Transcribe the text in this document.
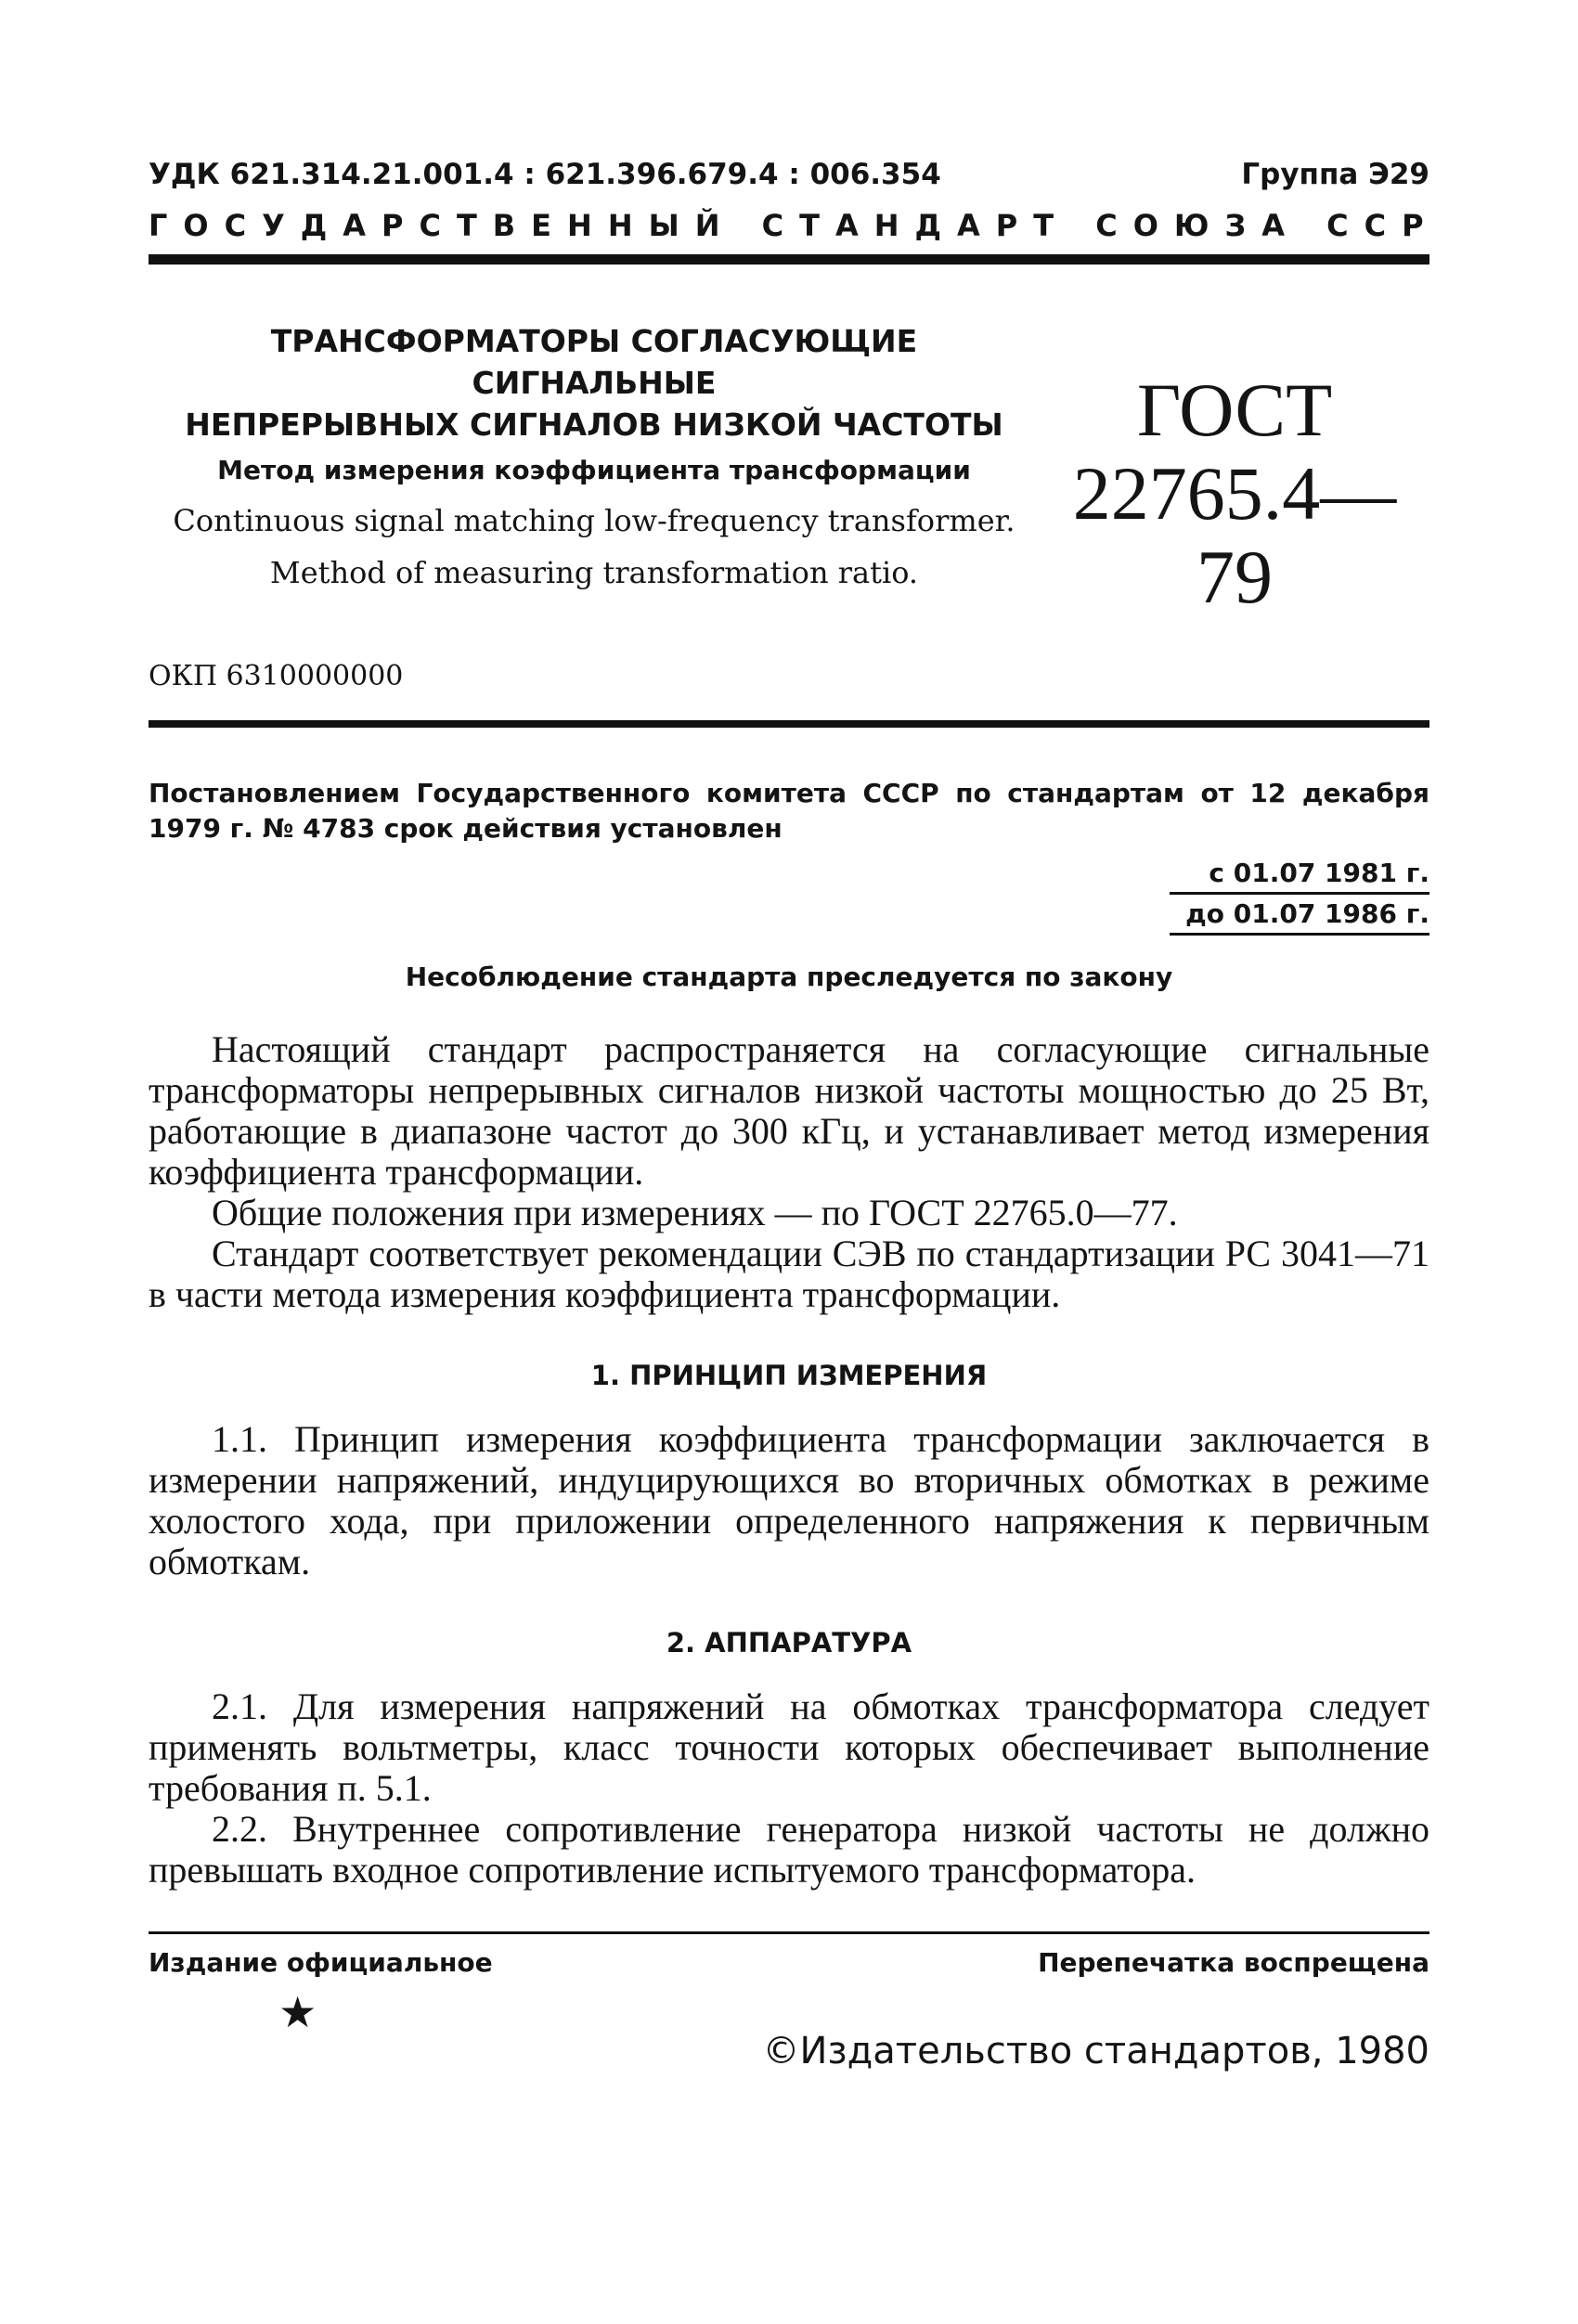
УДК 621.314.21.001.4 : 621.396.679.4 : 006.354	Группа Э29
ГОСУДАРСТВЕННЫЙ СТАНДАРТ СОЮЗА ССР
ТРАНСФОРМАТОРЫ СОГЛАСУЮЩИЕ СИГНАЛЬНЫЕ
НЕПРЕРЫВНЫХ СИГНАЛОВ НИЗКОЙ ЧАСТОТЫ
Метод измерения коэффициента трансформации
Continuous signal matching low-frequency transformer.
Method of measuring transformation ratio.
ГОСТ
22765.4—79
ОКП 6310000000
Постановлением Государственного комитета СССР по стандартам от 12 декабря 1979 г. № 4783 срок действия установлен
с 01.07 1981 г.
до 01.07 1986 г.
Несоблюдение стандарта преследуется по закону

Настоящий стандарт распространяется на согласующие сигнальные трансформаторы непрерывных сигналов низкой частоты мощностью до 25 Вт, работающие в диапазоне частот до 300 кГц, и устанавливает метод измерения коэффициента трансформации.

Общие положения при измерениях — по ГОСТ 22765.0—77.

Стандарт соответствует рекомендации СЭВ по стандартизации РС 3041—71 в части метода измерения коэффициента трансформации.

1. ПРИНЦИП ИЗМЕРЕНИЯ

1.1. Принцип измерения коэффициента трансформации заключается в измерении напряжений, индуцирующихся во вторичных обмотках в режиме холостого хода, при приложении определенного напряжения к первичным обмоткам.

2. АППАРАТУРА

2.1. Для измерения напряжений на обмотках трансформатора следует применять вольтметры, класс точности которых обеспечивает выполнение требования п. 5.1.

2.2. Внутреннее сопротивление генератора низкой частоты не должно превышать входное сопротивление испытуемого трансформатора.

Издание официальное	Перепечатка воспрещена
★
©Издательство стандартов, 1980
